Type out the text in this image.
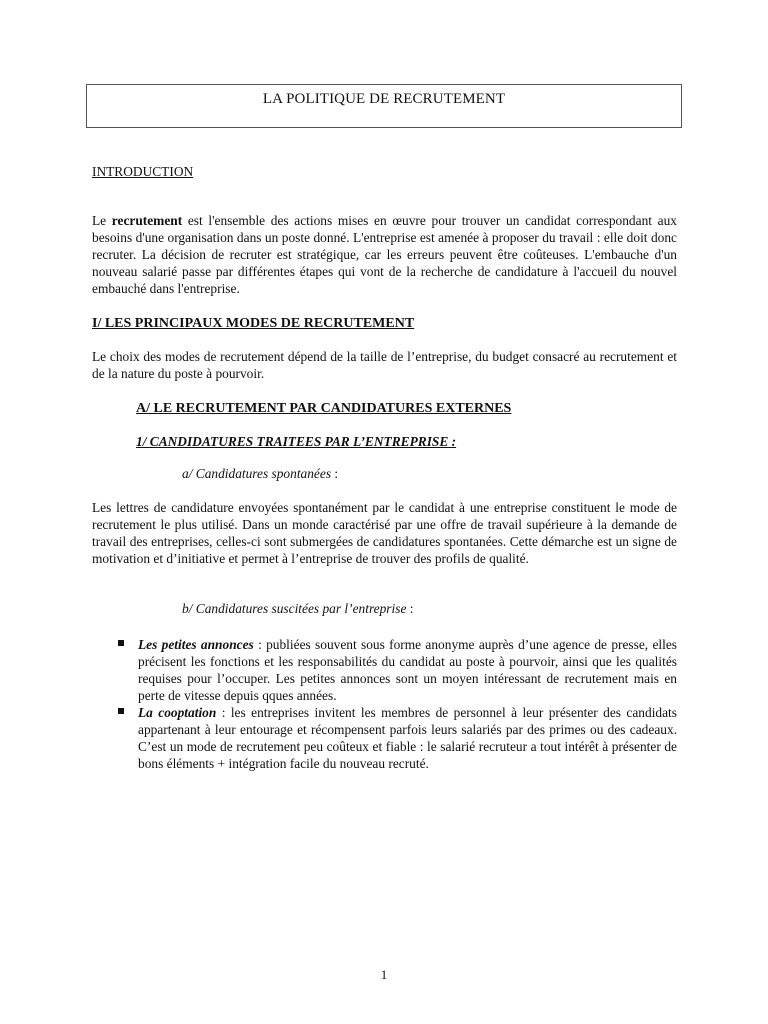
LA POLITIQUE DE RECRUTEMENT
INTRODUCTION
Le recrutement est l'ensemble des actions mises en œuvre pour trouver un candidat correspondant aux besoins d'une organisation dans un poste donné. L'entreprise est amenée à proposer du travail : elle doit donc recruter. La décision de recruter est stratégique, car les erreurs peuvent être coûteuses. L'embauche d'un nouveau salarié passe par différentes étapes qui vont de la recherche de candidature à l'accueil du nouvel embauché dans l'entreprise.
I/ LES PRINCIPAUX MODES DE RECRUTEMENT
Le choix des modes de recrutement dépend de la taille de l’entreprise, du budget consacré au recrutement et de la nature du poste à pourvoir.
A/ LE RECRUTEMENT PAR CANDIDATURES EXTERNES
1/ CANDIDATURES TRAITEES PAR L’ENTREPRISE :
a/ Candidatures spontanées :
Les lettres de candidature envoyées spontanément par le candidat à une entreprise constituent le mode de recrutement le plus utilisé. Dans un monde caractérisé par une offre de travail supérieure à la demande de travail des entreprises, celles-ci sont submergées de candidatures spontanées. Cette démarche est un signe de motivation et d’initiative et permet à l’entreprise de trouver des profils de qualité.
b/ Candidatures suscitées par l’entreprise :
Les petites annonces : publiées souvent sous forme anonyme auprès d’une agence de presse, elles précisent les fonctions et les responsabilités du candidat au poste à pourvoir, ainsi que les qualités requises pour l’occuper. Les petites annonces sont un moyen intéressant de recrutement mais en perte de vitesse depuis qques années.
La cooptation : les entreprises invitent les membres de personnel à leur présenter des candidats appartenant à leur entourage et récompensent parfois leurs salariés par des primes ou des cadeaux. C’est un mode de recrutement peu coûteux et fiable : le salarié recruteur a tout intérêt à présenter de bons éléments + intégration facile du nouveau recruté.
1
